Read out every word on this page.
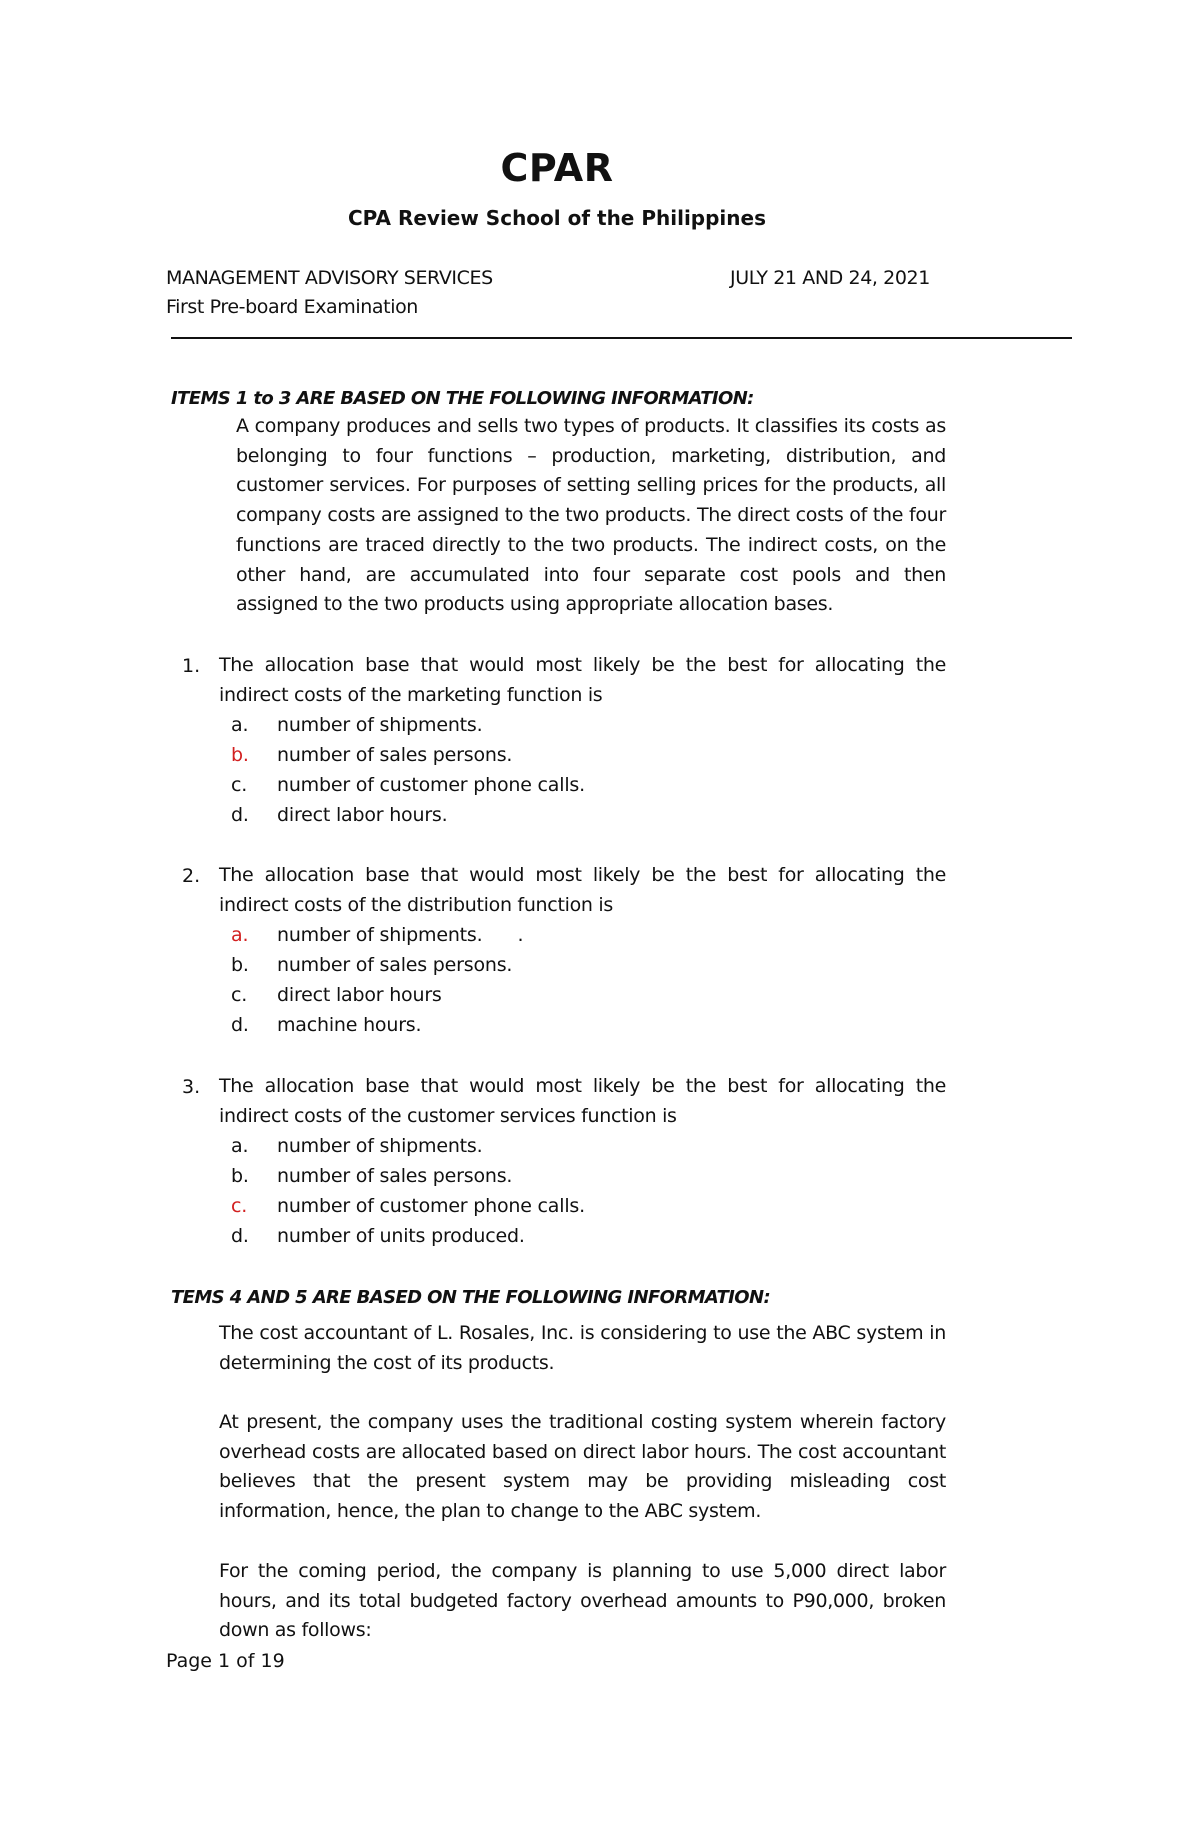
CPAR
CPA Review School of the Philippines
MANAGEMENT ADVISORY SERVICES	JULY 21 AND 24, 2021
First Pre-board Examination
ITEMS 1 to 3 ARE BASED ON THE FOLLOWING INFORMATION:

A company produces and sells two types of products. It classifies its costs as belonging to four functions – production, marketing, distribution, and customer services. For purposes of setting selling prices for the products, all company costs are assigned to the two products. The direct costs of the four functions are traced directly to the two products. The indirect costs, on the other hand, are accumulated into four separate cost pools and then assigned to the two products using appropriate allocation bases.

1. The allocation base that would most likely be the best for allocating the indirect costs of the marketing function is

a. number of shipments.
b. number of sales persons.
c. number of customer phone calls.
d. direct labor hours.
2. The allocation base that would most likely be the best for allocating the indirect costs of the distribution function is

a. number of shipments.      .
b. number of sales persons.
c. direct labor hours
d. machine hours.
3. The allocation base that would most likely be the best for allocating the indirect costs of the customer services function is

a. number of shipments.
b. number of sales persons.
c. number of customer phone calls.
d. number of units produced.
TEMS 4 AND 5 ARE BASED ON THE FOLLOWING INFORMATION:

The cost accountant of L. Rosales, Inc. is considering to use the ABC system in determining the cost of its products.

At present, the company uses the traditional costing system wherein factory overhead costs are allocated based on direct labor hours. The cost accountant believes that the present system may be providing misleading cost information, hence, the plan to change to the ABC system.

For the coming period, the company is planning to use 5,000 direct labor hours, and its total budgeted factory overhead amounts to P90,000, broken down as follows:

Page 1 of 19
